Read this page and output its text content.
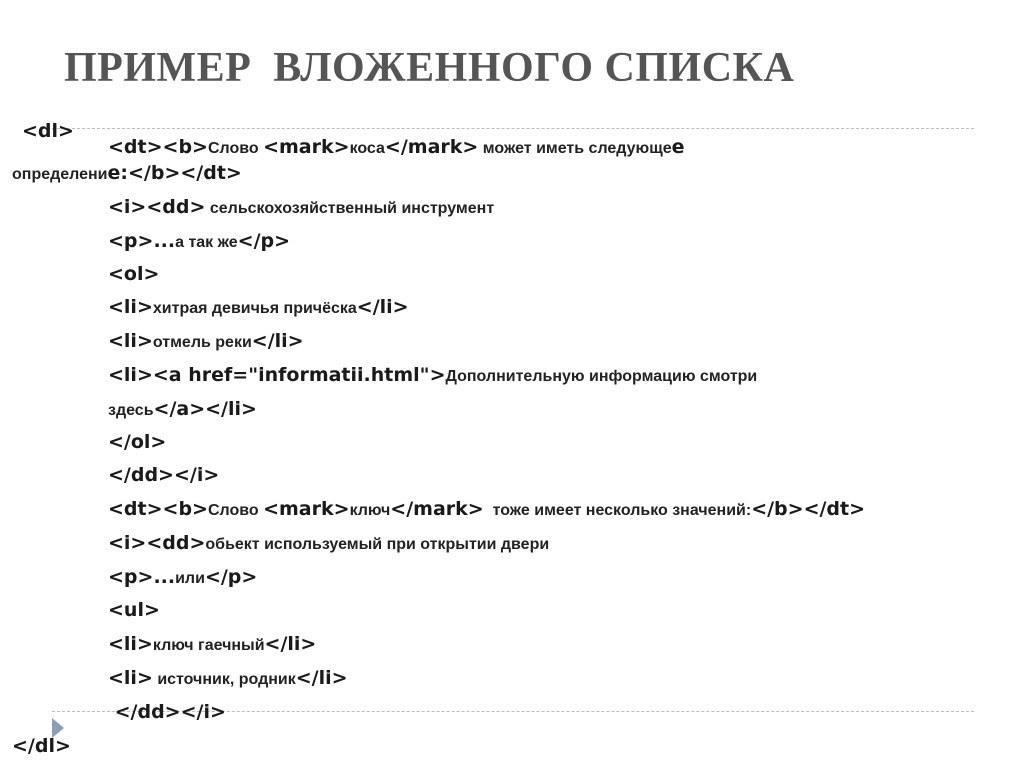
ПРИМЕР  ВЛОЖЕННОГО СПИСКА

<dl>

<dt><b>Слово <mark>коса</mark> может иметь следующее
определение:</b></dt>
<i><dd> сельскохозяйственный инструмент
<p>...а так же</p>
<ol>
<li>хитрая девичья причёска</li>
<li>отмель реки</li>
<li><a href="informatii.html">Дополнительную информацию смотри
здесь</a></li>
</ol>
</dd></i>
<dt><b>Слово <mark>ключ</mark>  тоже имеет несколько значений:</b></dt>
<i><dd>обьект используемый при открытии двери
<p>...или</p>
<ul>
<li>ключ гаечный</li>
<li> источник, родник</li>
</dd></i>
</dl>
